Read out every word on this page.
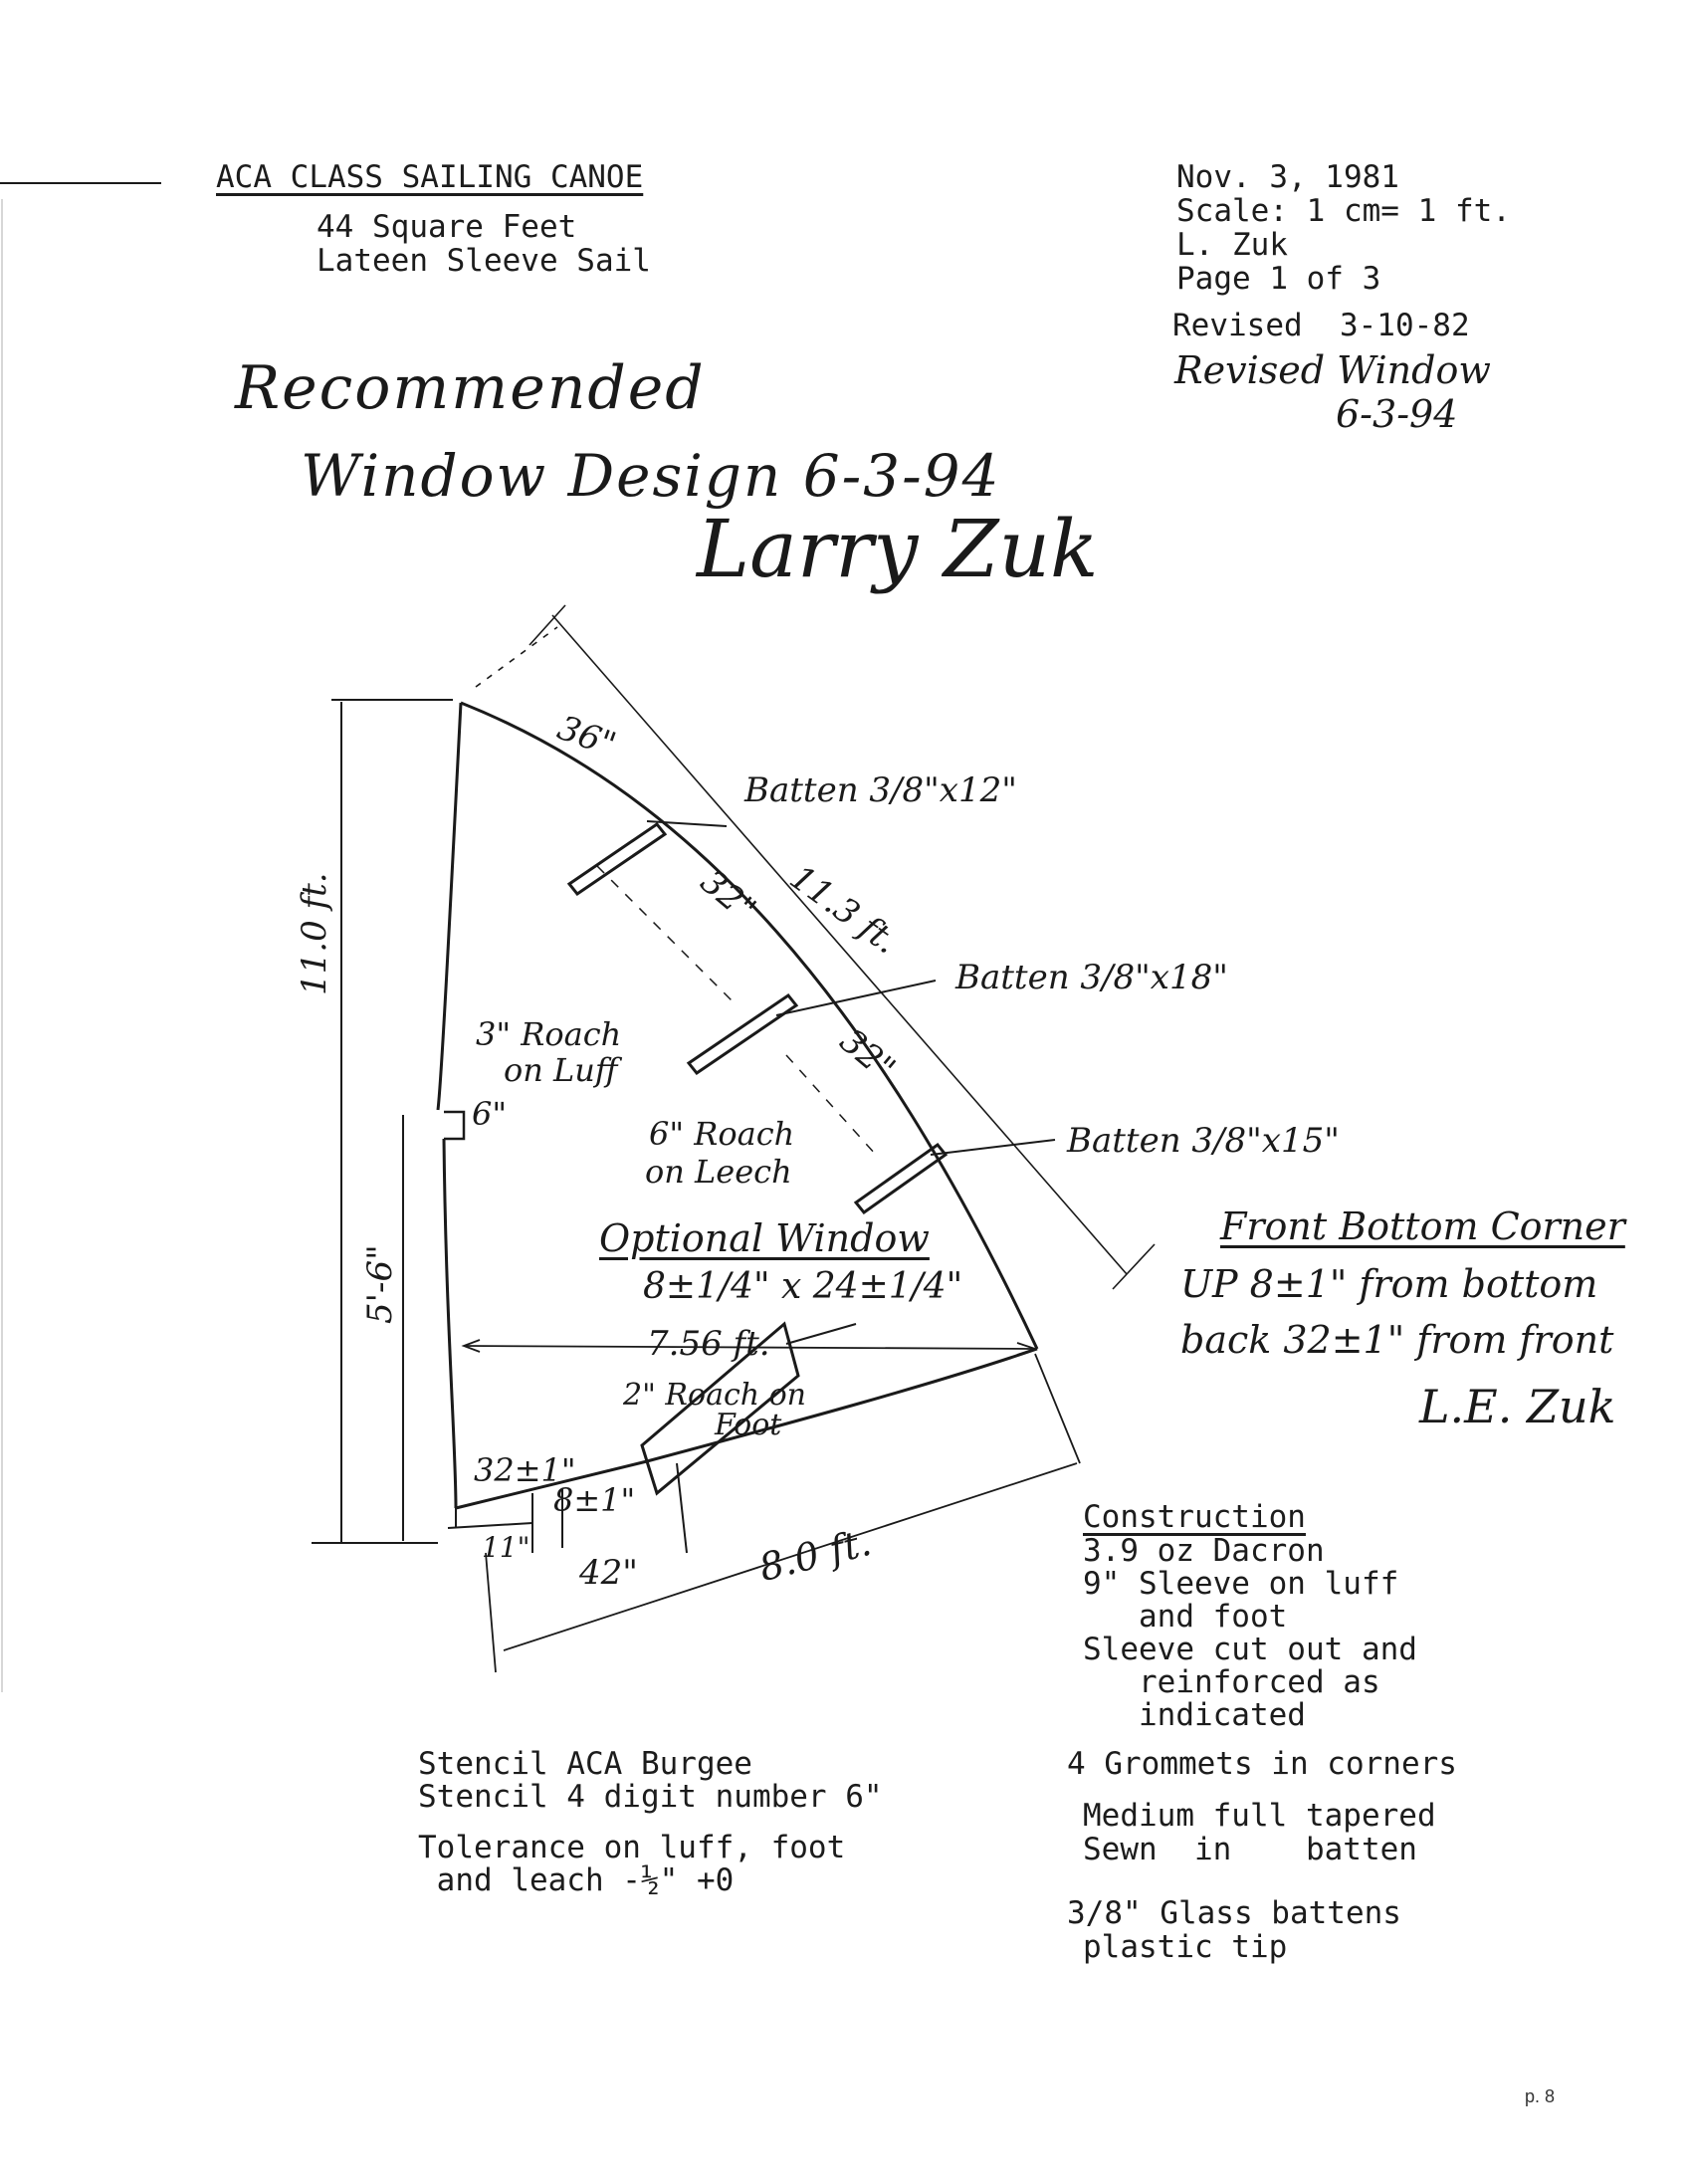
ACA CLASS SAILING CANOE
44 Square Feet
Lateen Sleeve Sail
Nov. 3, 1981
Scale: 1 cm= 1 ft.
L. Zuk
Page 1 of 3
Revised  3-10-82
Revised Window
6-3-94
Recommended
Window Design 6-3-94
Larry Zuk
36"
Batten 3/8"x12"
32" 11.3 ft.
Batten 3/8"x18"
32"
Batten 3/8"x15"
11.0 ft.
3" Roach
on Luff
6"
6" Roach
on Leech
Optional Window
8±1/4" x 24±1/4"
7.56 ft.
2" Roach on
Foot
32±1"
8±1"
5'-6"
11"
42"	8.0 ft.
Front Bottom Corner
UP 8±1" from bottom
back 32±1" from front
L.E. Zuk
Construction
3.9 oz Dacron
9" Sleeve on luff
and foot
Sleeve cut out and
reinforced as
indicated
4 Grommets in corners
Medium full tapered
Sewn  in    batten
3/8" Glass battens
plastic tip
Stencil ACA Burgee
Stencil 4 digit number 6"
Tolerance on luff, foot
and leach -½" +0
p. 8
